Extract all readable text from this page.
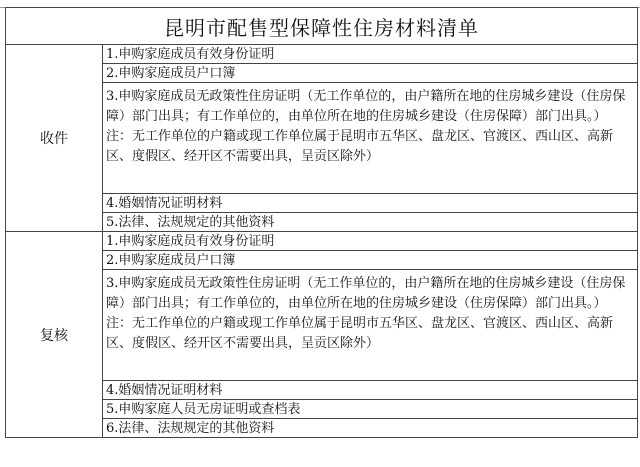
昆明市配售型保障性住房材料清单	
收件	1.申购家庭成员有效身份证明
	2.申购家庭成员户口簿

	3.申购家庭成员无政策性住房证明（无工作单位的，由户籍所在地的住房城乡建设（住房保障）部门出具；有工作单位的，由单位所在地的住房城乡建设（住房保障）部门出具。）

注：无工作单位的户籍或现工作单位属于昆明市五华区、盘龙区、官渡区、西山区、高新区、度假区、经开区不需要出具，呈贡区除外）

	4.婚姻情况证明材料
	5.法律、法规规定的其他资料
复核	1.申购家庭成员有效身份证明
	2.申购家庭成员户口簿

	3.申购家庭成员无政策性住房证明（无工作单位的，由户籍所在地的住房城乡建设（住房保障）部门出具；有工作单位的，由单位所在地的住房城乡建设（住房保障）部门出具。）

注：无工作单位的户籍或现工作单位属于昆明市五华区、盘龙区、官渡区、西山区、高新区、度假区、经开区不需要出具，呈贡区除外）

	4.婚姻情况证明材料
	5.申购家庭人员无房证明或查档表
	6.法律、法规规定的其他资料
